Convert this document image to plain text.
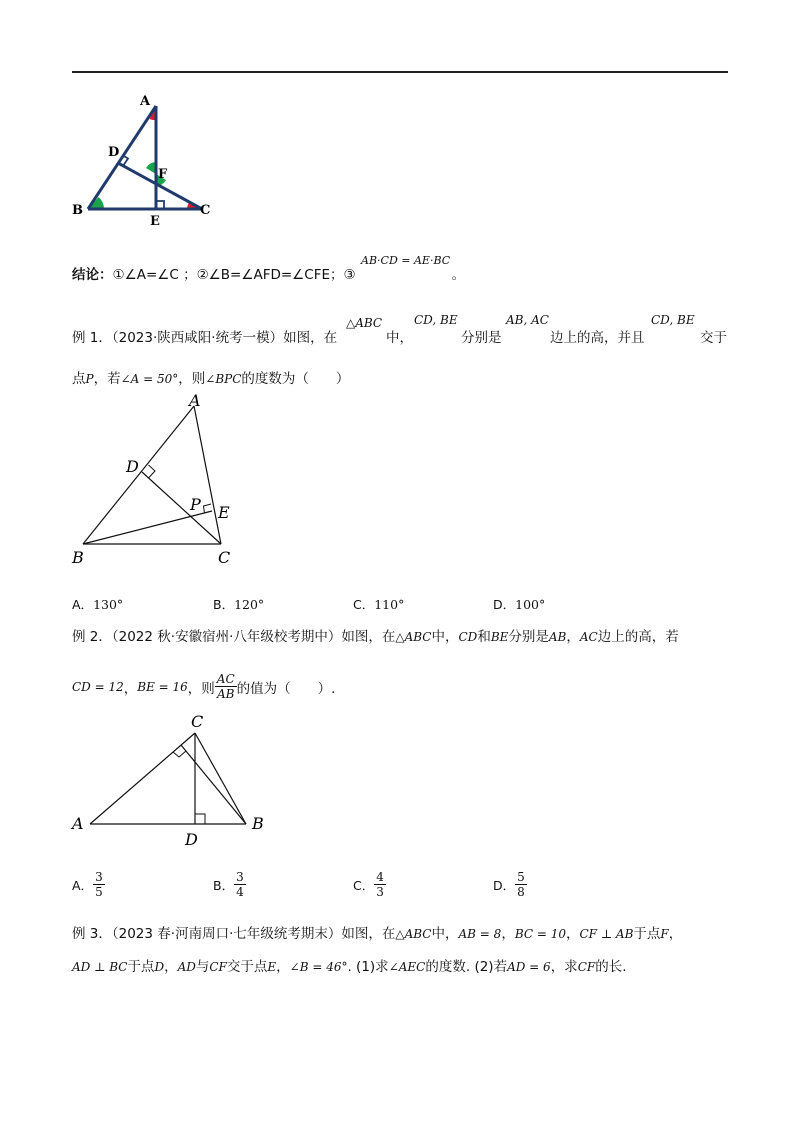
A
D
F
B
E
C
结论：①∠A=∠C ；②∠B=∠AFD=∠CFE；③	。
AB·CD = AE·BC
例 1．（2023·陕西咸阳·统考一模）如图，在
△ABC
中，
CD, BE
分别是
AB, AC
边上的高，并且
CD, BE
交于
点P，若∠A = 50°，则∠BPC的度数为（　　）
A
D
P E
B	C
A．130°	B．120°	C．110°	D．100°
例 2．（2022 秋·安徽宿州·八年级校考期中）如图，在△ABC中，CD和BE分别是AB，AC边上的高，若
CD = 12 ， BE = 16 ，则 $\frac{AC}{AB}$ 的值为（　　）.
C
A	B
D
A． $\frac{3}{5}$	B． $\frac{3}{4}$	C． $\frac{4}{3}$	D． $\frac{5}{8}$
例 3．（2023 春·河南周口·七年级统考期末）如图，在△ABC中，AB = 8，BC = 10，CF ⊥ AB于点F，
AD ⊥ BC于点D，AD与CF交于点E，∠B = 46°. (1)求∠AEC的度数. (2)若AD = 6，求CF的长.
